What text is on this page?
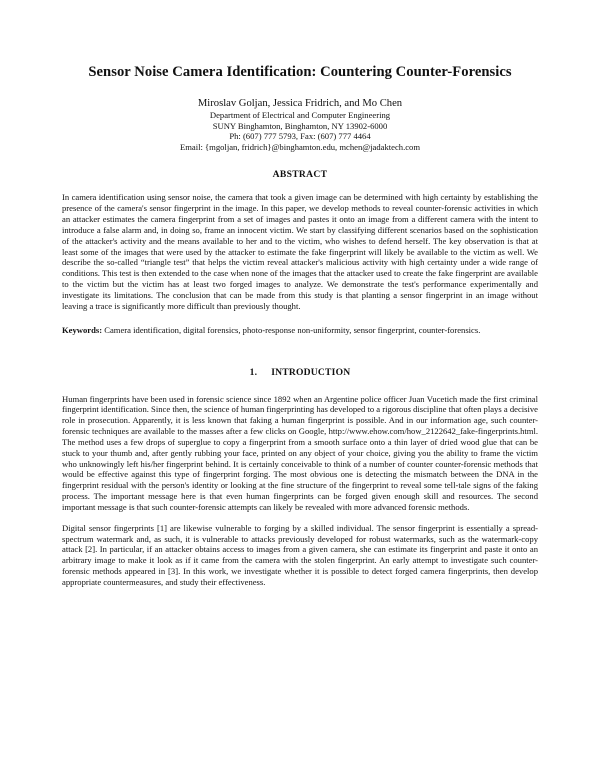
Sensor Noise Camera Identification: Countering Counter-Forensics

Miroslav Goljan, Jessica Fridrich, and Mo Chen

Department of Electrical and Computer Engineering
SUNY Binghamton, Binghamton, NY 13902-6000
Ph: (607) 777 5793, Fax: (607) 777 4464
Email: {mgoljan, fridrich}@binghamton.edu, mchen@jadaktech.com
ABSTRACT

In camera identification using sensor noise, the camera that took a given image can be determined with high certainty by establishing the presence of the camera's sensor fingerprint in the image. In this paper, we develop methods to reveal counter-forensic activities in which an attacker estimates the camera fingerprint from a set of images and pastes it onto an image from a different camera with the intent to introduce a false alarm and, in doing so, frame an innocent victim. We start by classifying different scenarios based on the sophistication of the attacker's activity and the means available to her and to the victim, who wishes to defend herself. The key observation is that at least some of the images that were used by the attacker to estimate the fake fingerprint will likely be available to the victim as well. We describe the so-called “triangle test” that helps the victim reveal attacker's malicious activity with high certainty under a wide range of conditions. This test is then extended to the case when none of the images that the attacker used to create the fake fingerprint are available to the victim but the victim has at least two forged images to analyze. We demonstrate the test's performance experimentally and investigate its limitations. The conclusion that can be made from this study is that planting a sensor fingerprint in an image without leaving a trace is significantly more difficult than previously thought.

Keywords: Camera identification, digital forensics, photo-response non-uniformity, sensor fingerprint, counter-forensics.

1. INTRODUCTION

Human fingerprints have been used in forensic science since 1892 when an Argentine police officer Juan Vucetich made the first criminal fingerprint identification. Since then, the science of human fingerprinting has developed to a rigorous discipline that often plays a decisive role in prosecution. Apparently, it is less known that faking a human fingerprint is possible. And in our information age, such counter-forensic techniques are available to the masses after a few clicks on Google, http://www.ehow.com/how_2122642_fake-fingerprints.html. The method uses a few drops of superglue to copy a fingerprint from a smooth surface onto a thin layer of dried wood glue that can be stuck to your thumb and, after gently rubbing your face, printed on any object of your choice, giving you the ability to frame the victim who unknowingly left his/her fingerprint behind. It is certainly conceivable to think of a number of counter counter-forensic methods that would be effective against this type of fingerprint forging. The most obvious one is detecting the mismatch between the DNA in the fingerprint residual with the person's identity or looking at the fine structure of the fingerprint to reveal some tell-tale signs of the faking process. The important message here is that even human fingerprints can be forged given enough skill and resources. The second important message is that such counter-forensic attempts can likely be revealed with more advanced forensic methods.

Digital sensor fingerprints [1] are likewise vulnerable to forging by a skilled individual. The sensor fingerprint is essentially a spread-spectrum watermark and, as such, it is vulnerable to attacks previously developed for robust watermarks, such as the watermark-copy attack [2]. In particular, if an attacker obtains access to images from a given camera, she can estimate its fingerprint and paste it onto an arbitrary image to make it look as if it came from the camera with the stolen fingerprint. An early attempt to investigate such counter-forensic methods appeared in [3]. In this work, we investigate whether it is possible to detect forged camera fingerprints, then develop appropriate countermeasures, and study their effectiveness.
